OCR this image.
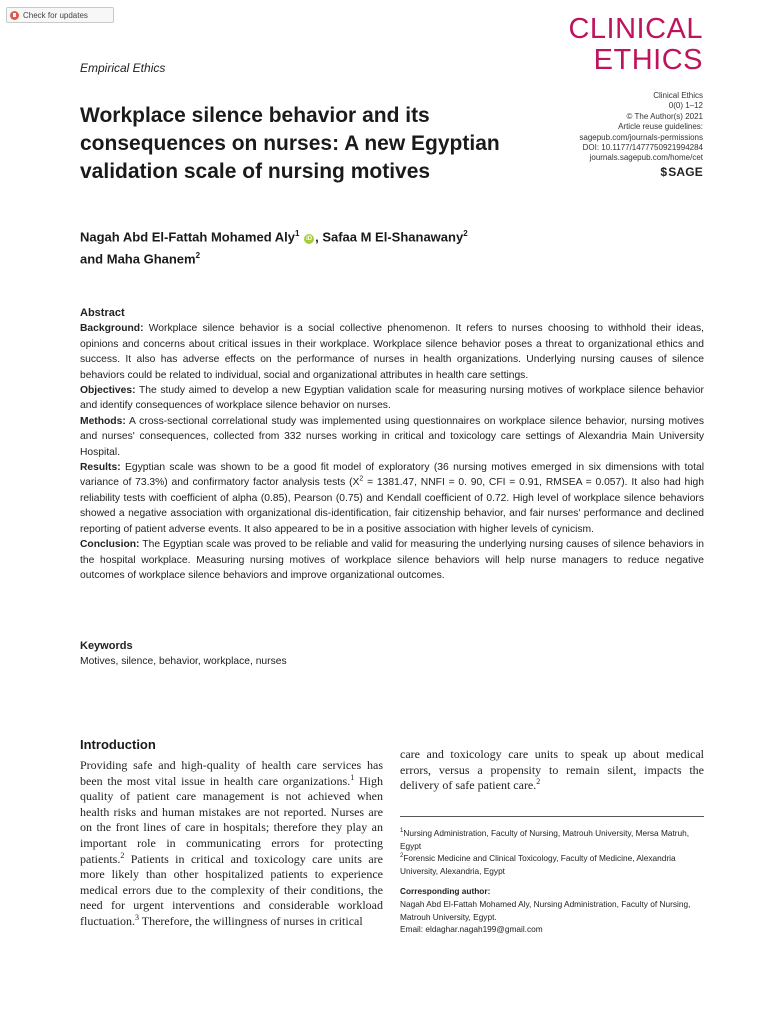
Check for updates	CLINICAL
ETHICS
Empirical Ethics
Workplace silence behavior and its consequences on nurses: A new Egyptian validation scale of nursing motives
Clinical Ethics
0(0) 1–12
© The Author(s) 2021
Article reuse guidelines:
sagepub.com/journals-permissions
DOI: 10.1177/1477750921994284
journals.sagepub.com/home/cet
$SAGE
Nagah Abd El-Fattah Mohamed Aly$^1$ iD , Safaa M El-Shanawany$^2$
and Maha Ghanem$^2$
Abstract

Background: Workplace silence behavior is a social collective phenomenon. It refers to nurses choosing to withhold their ideas, opinions and concerns about critical issues in their workplace. Workplace silence behavior poses a threat to organizational ethics and success. It also has adverse effects on the performance of nurses in health organizations. Underlying nursing causes of silence behaviors could be related to individual, social and organizational attributes in health care settings.

Objectives: The study aimed to develop a new Egyptian validation scale for measuring nursing motives of workplace silence behavior and identify consequences of workplace silence behavior on nurses.

Methods: A cross-sectional correlational study was implemented using questionnaires on workplace silence behavior, nursing motives and nurses' consequences, collected from 332 nurses working in critical and toxicology care settings of Alexandria Main University Hospital.

Results: Egyptian scale was shown to be a good fit model of exploratory (36 nursing motives emerged in six dimensions with total variance of 73.3%) and confirmatory factor analysis tests ($X^2 = 1381.47$, NNFI = 0. 90, CFI = 0.91, RMSEA = 0.057). It also had high reliability tests with coefficient of alpha (0.85), Pearson (0.75) and Kendall coefficient of 0.72. High level of workplace silence behaviors showed a negative association with organizational dis-identification, fair citizenship behavior, and fair nurses' performance and declined reporting of patient adverse events. It also appeared to be in a positive association with higher levels of cynicism.

Conclusion: The Egyptian scale was proved to be reliable and valid for measuring the underlying nursing causes of silence behaviors in the hospital workplace. Measuring nursing motives of workplace silence behaviors will help nurse managers to reduce negative outcomes of workplace silence behaviors and improve organizational outcomes.

Keywords
Motives, silence, behavior, workplace, nurses
Introduction
Providing safe and high-quality of health care services has been the most vital issue in health care organizations.$^1$ High quality of patient care management is not achieved when health risks and human mistakes are not reported. Nurses are on the front lines of care in hospitals; therefore they play an important role in communicating errors for protecting patients.$^2$ Patients in critical and toxicology care units are more likely than other hospitalized patients to experience medical errors due to the complexity of their conditions, the need for urgent interventions and considerable workload fluctuation.$^3$ Therefore, the willingness of nurses in critical
care and toxicology care units to speak up about medical errors, versus a propensity to remain silent, impacts the delivery of safe patient care.$^2$

$^1$Nursing Administration, Faculty of Nursing, Matrouh University, Mersa Matruh, Egypt

$^2$Forensic Medicine and Clinical Toxicology, Faculty of Medicine, Alexandria University, Alexandria, Egypt

Corresponding author:

Nagah Abd El-Fattah Mohamed Aly, Nursing Administration, Faculty of Nursing, Matrouh University, Egypt.

Email: eldaghar.nagah199@gmail.com
